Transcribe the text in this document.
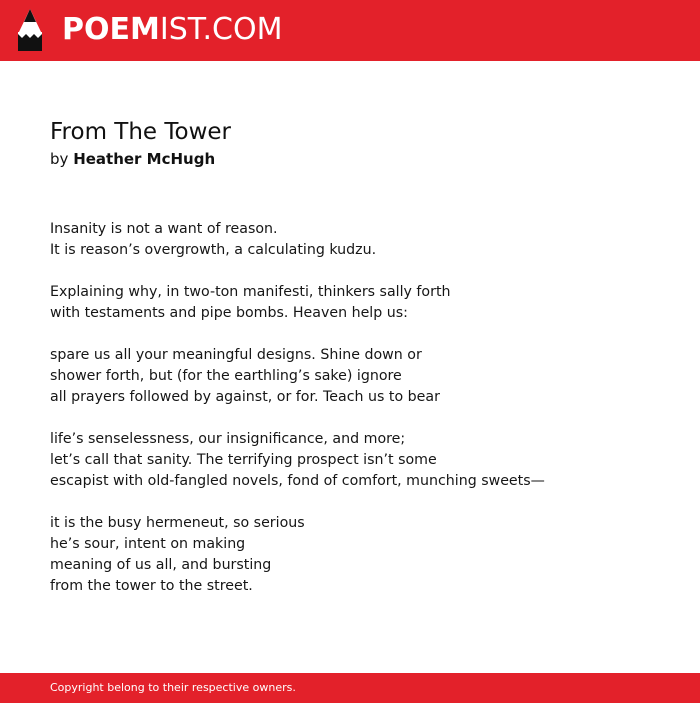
POEMIST.COM
From The Tower
by Heather McHugh
Insanity is not a want of reason.
It is reason’s overgrowth, a calculating kudzu.
Explaining why, in two-ton manifesti, thinkers sally forth
with testaments and pipe bombs. Heaven help us:
spare us all your meaningful designs. Shine down or
shower forth, but (for the earthling’s sake) ignore
all prayers followed by against, or for. Teach us to bear
life’s senselessness, our insignificance, and more;
let’s call that sanity. The terrifying prospect isn’t some
escapist with old-fangled novels, fond of comfort, munching sweets—
it is the busy hermeneut, so serious
he’s sour, intent on making
meaning of us all, and bursting
from the tower to the street.
Copyright belong to their respective owners.
